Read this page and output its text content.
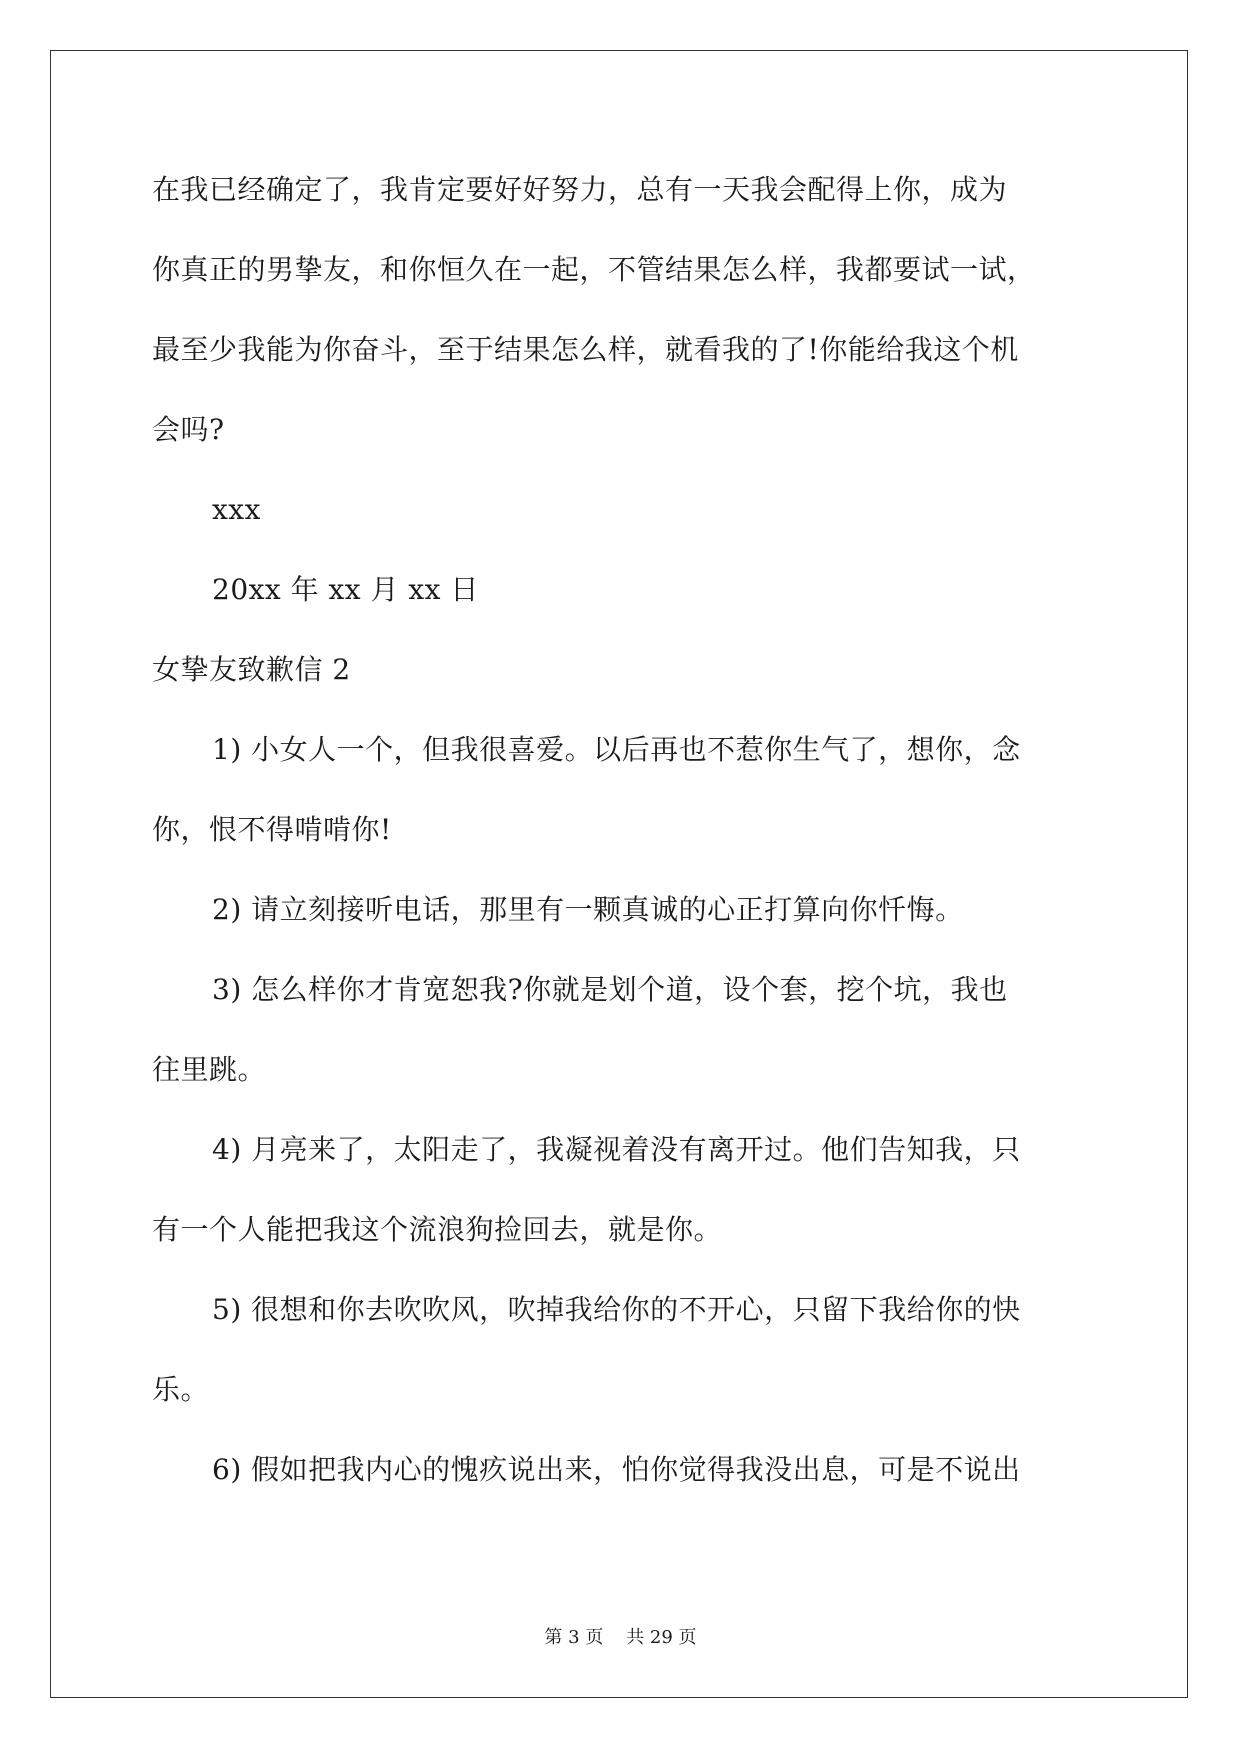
在我已经确定了，我肯定要好好努力，总有一天我会配得上你，成为
你真正的男挚友，和你恒久在一起，不管结果怎么样，我都要试一试，
最至少我能为你奋斗，至于结果怎么样，就看我的了!你能给我这个机
会吗?
xxx
20xx 年 xx 月 xx 日
女挚友致歉信 2
1) 小女人一个，但我很喜爱。以后再也不惹你生气了，想你，念
你，恨不得啃啃你!
2) 请立刻接听电话，那里有一颗真诚的心正打算向你忏悔。
3) 怎么样你才肯宽恕我?你就是划个道，设个套，挖个坑，我也
往里跳。
4) 月亮来了，太阳走了，我凝视着没有离开过。他们告知我，只
有一个人能把我这个流浪狗捡回去，就是你。
5) 很想和你去吹吹风，吹掉我给你的不开心，只留下我给你的快
乐。
6) 假如把我内心的愧疚说出来，怕你觉得我没出息，可是不说出
第 3 页    共 29 页
